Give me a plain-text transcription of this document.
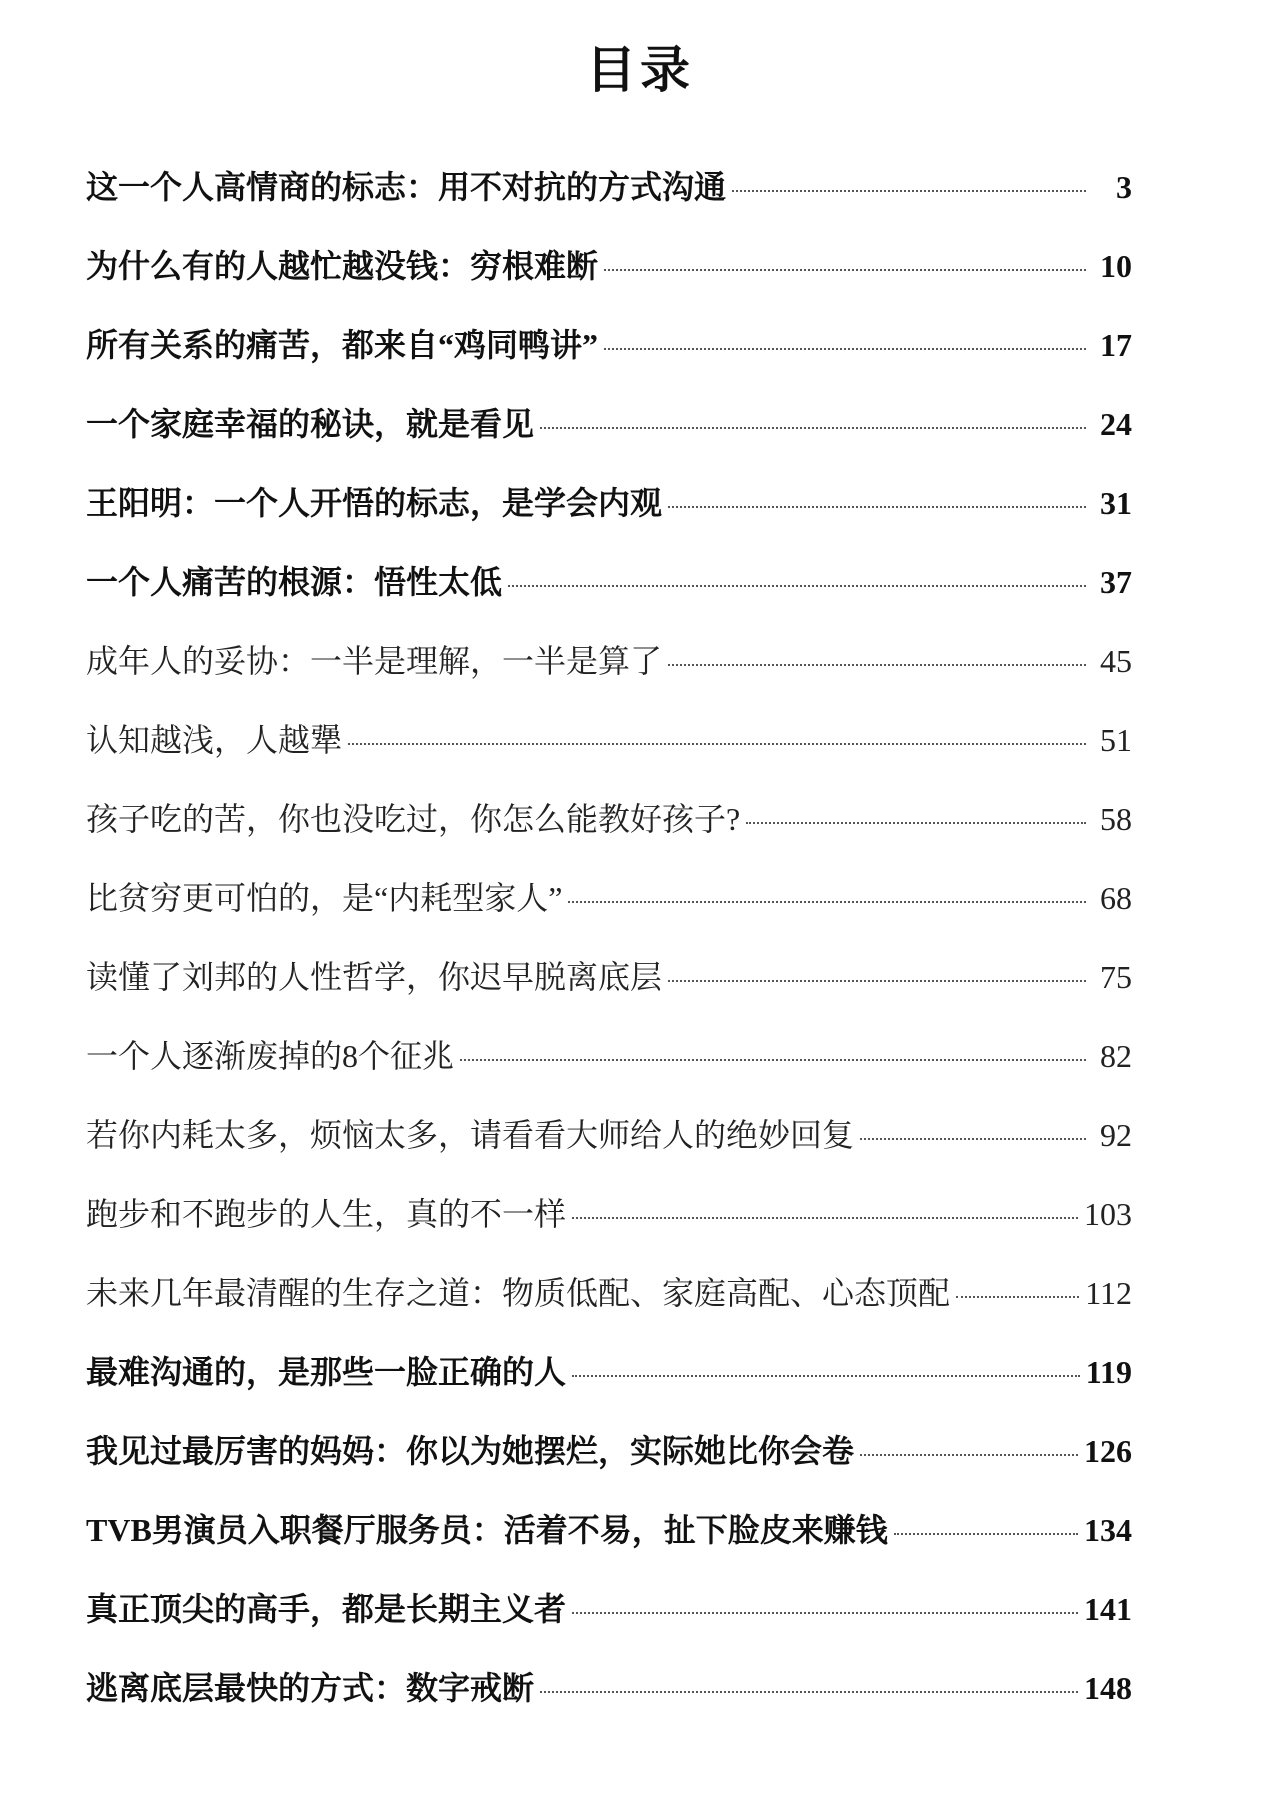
目录
这一个人高情商的标志：用不对抗的方式沟通	3
为什么有的人越忙越没钱：穷根难断	10
所有关系的痛苦，都来自“鸡同鸭讲”	17
一个家庭幸福的秘诀，就是看见	24
王阳明：一个人开悟的标志，是学会内观	31
一个人痛苦的根源：悟性太低	37
成年人的妥协：一半是理解，一半是算了	45
认知越浅，人越犟	51
孩子吃的苦，你也没吃过，你怎么能教好孩子?	58
比贫穷更可怕的，是“内耗型家人”	68
读懂了刘邦的人性哲学，你迟早脱离底层	75
一个人逐渐废掉的8个征兆	82
若你内耗太多，烦恼太多，请看看大师给人的绝妙回复	92
跑步和不跑步的人生，真的不一样	103
未来几年最清醒的生存之道：物质低配、家庭高配、心态顶配	112
最难沟通的，是那些一脸正确的人	119
我见过最厉害的妈妈：你以为她摆烂，实际她比你会卷	126
TVB男演员入职餐厅服务员：活着不易，扯下脸皮来赚钱	134
真正顶尖的高手，都是长期主义者	141
逃离底层最快的方式：数字戒断	148
